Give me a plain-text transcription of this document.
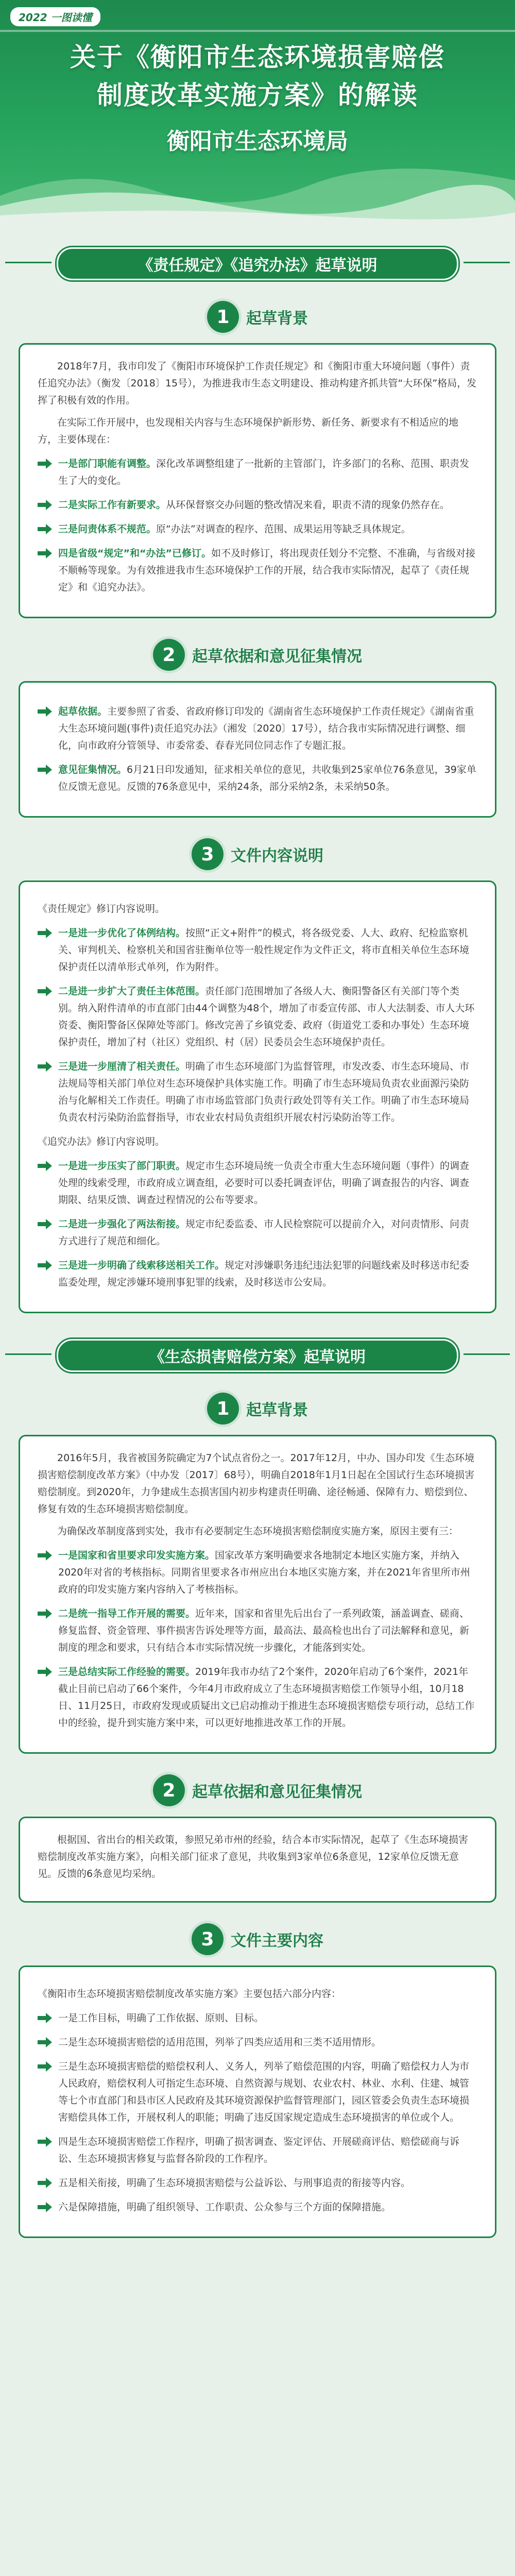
2022 一图读懂
关于《衡阳市生态环境损害赔偿
制度改革实施方案》的解读
衡阳市生态环境局
《责任规定》《追究办法》起草说明
1	起草背景

2018年7月，我市印发了《衡阳市环境保护工作责任规定》和《衡阳市重大环境问题（事件）责任追究办法》（衡发〔2018〕15号），为推进我市生态文明建设、推动构建齐抓共管“大环保”格局，发挥了积极有效的作用。

在实际工作开展中，也发现相关内容与生态环境保护新形势、新任务、新要求有不相适应的地方，主要体现在：

一是部门职能有调整。深化改革调整组建了一批新的主管部门，许多部门的名称、范围、职责发生了大的变化。
二是实际工作有新要求。从环保督察交办问题的整改情况来看，职责不清的现象仍然存在。
三是问责体系不规范。原“办法”对调查的程序、范围、成果运用等缺乏具体规定。
四是省级“规定”和“办法”已修订。如不及时修订，将出现责任划分不完整、不准确，与省级对接不顺畅等现象。为有效推进我市生态环境保护工作的开展，结合我市实际情况，起草了《责任规定》和《追究办法》。
2	起草依据和意见征集情况
起草依据。主要参照了省委、省政府修订印发的《湖南省生态环境保护工作责任规定》《湖南省重大生态环境问题(事件)责任追究办法》（湘发〔2020〕17号），结合我市实际情况进行调整、细化，向市政府分管领导、市委常委、春春光同位同志作了专题汇报。
意见征集情况。6月21日印发通知，征求相关单位的意见，共收集到25家单位76条意见，39家单位反馈无意见。反馈的76条意见中，采纳24条，部分采纳2条，未采纳50条。
3	文件内容说明
《责任规定》修订内容说明。
一是进一步优化了体例结构。按照“正文+附件”的模式，将各级党委、人大、政府、纪检监察机关、审判机关、检察机关和国省驻衡单位等一般性规定作为文件正文，将市直相关单位生态环境保护责任以清单形式单列，作为附件。
二是进一步扩大了责任主体范围。责任部门范围增加了各级人大、衡阳警备区有关部门等个类别。纳入附件清单的市直部门由44个调整为48个，增加了市委宣传部、市人大法制委、市人大环资委、衡阳警备区保障处等部门。修改完善了乡镇党委、政府（街道党工委和办事处）生态环境保护责任，增加了村（社区）党组织、村（居）民委员会生态环境保护责任。
三是进一步厘清了相关责任。明确了市生态环境部门为监督管理，市发改委、市生态环境局、市法规局等相关部门单位对生态环境保护具体实施工作。明确了市生态环境局负责农业面源污染防治与化解相关工作责任。明确了市市场监管部门负责行政处罚等有关工作。明确了市生态环境局负责农村污染防治监督指导，市农业农村局负责组织开展农村污染防治等工作。
《追究办法》修订内容说明。
一是进一步压实了部门职责。规定市生态环境局统一负责全市重大生态环境问题（事件）的调查处理的线索受理，市政府成立调查组，必要时可以委托调查评估，明确了调查报告的内容、调查期限、结果反馈、调查过程情况的公布等要求。
二是进一步强化了两法衔接。规定市纪委监委、市人民检察院可以提前介入，对问责情形、问责方式进行了规范和细化。
三是进一步明确了线索移送相关工作。规定对涉嫌职务违纪违法犯罪的问题线索及时移送市纪委监委处理，规定涉嫌环境刑事犯罪的线索，及时移送市公安局。
《生态损害赔偿方案》起草说明
1	起草背景

2016年5月，我省被国务院确定为7个试点省份之一。2017年12月，中办、国办印发《生态环境损害赔偿制度改革方案》（中办发〔2017〕68号），明确自2018年1月1日起在全国试行生态环境损害赔偿制度。到2020年，力争建成生态损害国内初步构建责任明确、途径畅通、保障有力、赔偿到位、修复有效的生态环境损害赔偿制度。

为确保改革制度落到实处，我市有必要制定生态环境损害赔偿制度实施方案，原因主要有三：

一是国家和省里要求印发实施方案。国家改革方案明确要求各地制定本地区实施方案，并纳入2020年对省的考核指标。同期省里要求各市州应出台本地区实施方案，并在2021年省里所市州政府的印发实施方案内容纳入了考核指标。
二是统一指导工作开展的需要。近年来，国家和省里先后出台了一系列政策，涵盖调查、磋商、修复监督、资金管理、事件损害告诉处理等方面，最高法、最高检也出台了司法解释和意见，新制度的理念和要求，只有结合本市实际情况统一步骤化，才能落到实处。
三是总结实际工作经验的需要。2019年我市办结了2个案件，2020年启动了6个案件，2021年截止目前已启动了66个案件，今年4月市政府成立了生态环境损害赔偿工作领导小组，10月18日、11月25日，市政府发现或质疑出文已启动推动于推进生态环境损害赔偿专项行动，总结工作中的经验，提升到实施方案中来，可以更好地推进改革工作的开展。
2	起草依据和意见征集情况

根据国、省出台的相关政策，参照兄弟市州的经验，结合本市实际情况，起草了《生态环境损害赔偿制度改革实施方案》，向相关部门征求了意见，共收集到3家单位6条意见，12家单位反馈无意见。反馈的6条意见均采纳。

3	文件主要内容
《衡阳市生态环境损害赔偿制度改革实施方案》主要包括六部分内容：
一是工作目标，明确了工作依据、原则、目标。
二是生态环境损害赔偿的适用范围，列举了四类应适用和三类不适用情形。
三是生态环境损害赔偿的赔偿权利人、义务人，列举了赔偿范围的内容，明确了赔偿权力人为市人民政府，赔偿权利人可指定生态环境、自然资源与规划、农业农村、林业、水利、住建、城管等七个市直部门和县市区人民政府及其环境资源保护监督管理部门，园区管委会负责生态环境损害赔偿具体工作，开展权利人的职能；明确了违反国家规定造成生态环境损害的单位或个人。
四是生态环境损害赔偿工作程序，明确了损害调查、鉴定评估、开展磋商评估、赔偿磋商与诉讼、生态环境损害修复与监督各阶段的工作程序。
五是相关衔接，明确了生态环境损害赔偿与公益诉讼、与刑事追责的衔接等内容。
六是保障措施，明确了组织领导、工作职责、公众参与三个方面的保障措施。
